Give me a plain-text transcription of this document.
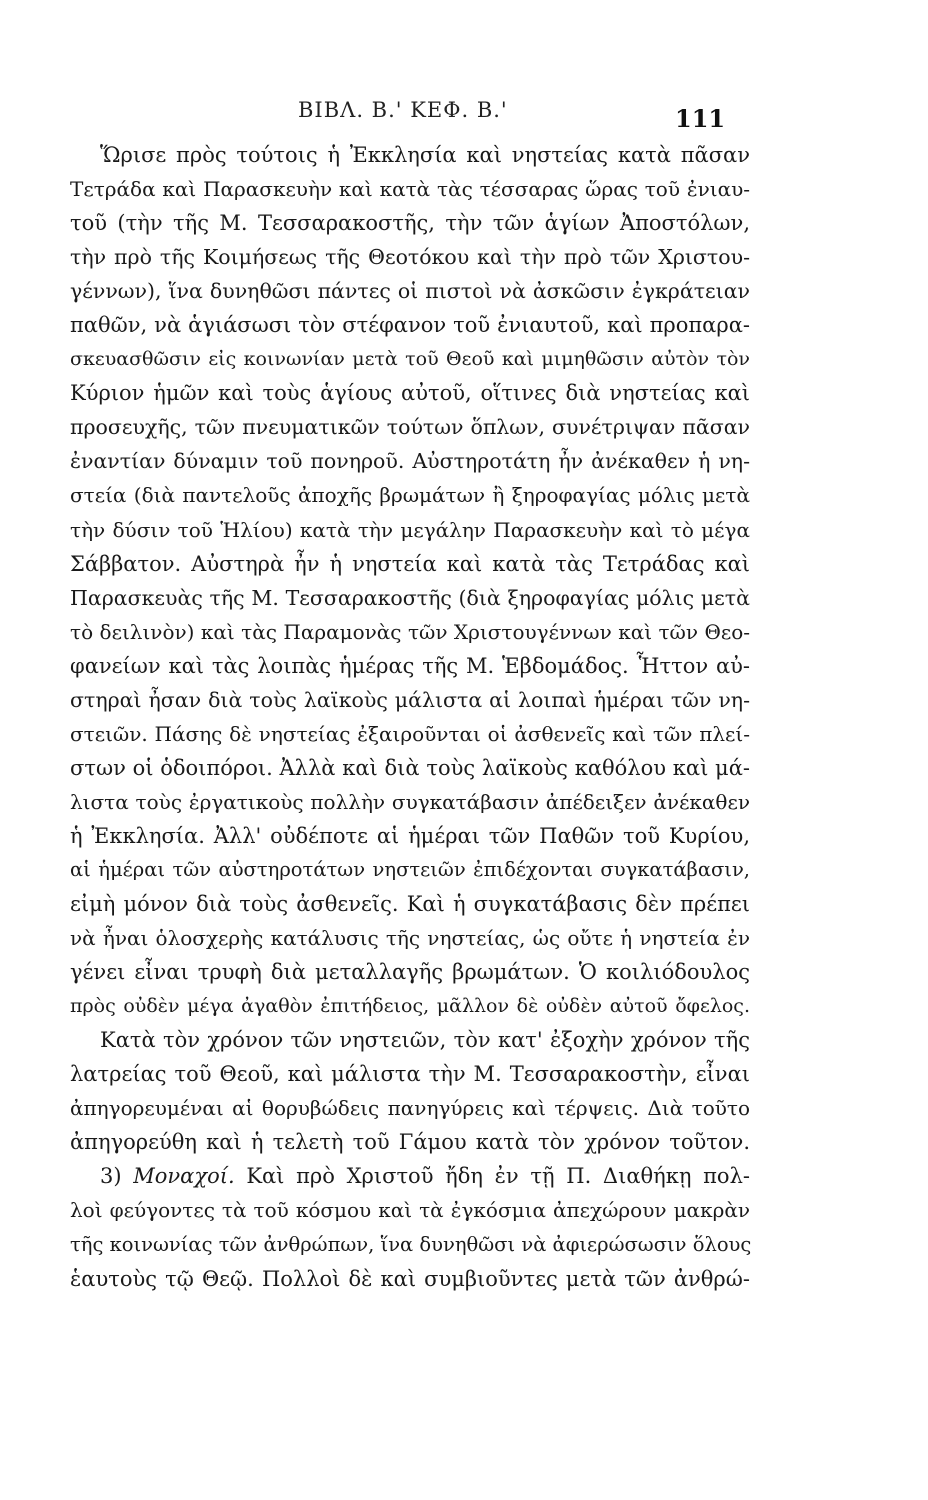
ΒΙΒΛ. Β.' ΚΕΦ. Β.'	111
Ὥρισε πρὸς τούτοις ἡ Ἐκκλησία καὶ νηστείας κατὰ πᾶσαν
Τετράδα καὶ Παρασκευὴν καὶ κατὰ τὰς τέσσαρας ὥρας τοῦ ἐνιαυ-
τοῦ (τὴν τῆς Μ. Τεσσαρακοστῆς, τὴν τῶν ἁγίων Ἀποστόλων,
τὴν πρὸ τῆς Κοιμήσεως τῆς Θεοτόκου καὶ τὴν πρὸ τῶν Χριστου-
γέννων), ἵνα δυνηθῶσι πάντες οἱ πιστοὶ νὰ ἀσκῶσιν ἐγκράτειαν
παθῶν, νὰ ἁγιάσωσι τὸν στέφανον τοῦ ἐνιαυτοῦ, καὶ προπαρα-
σκευασθῶσιν εἰς κοινωνίαν μετὰ τοῦ Θεοῦ καὶ μιμηθῶσιν αὐτὸν τὸν
Κύριον ἡμῶν καὶ τοὺς ἁγίους αὐτοῦ, οἵτινες διὰ νηστείας καὶ
προσευχῆς, τῶν πνευματικῶν τούτων ὅπλων, συνέτριψαν πᾶσαν
ἐναντίαν δύναμιν τοῦ πονηροῦ. Αὐστηροτάτη ἦν ἀνέκαθεν ἡ νη-
στεία (διὰ παντελοῦς ἀποχῆς βρωμάτων ἢ ξηροφαγίας μόλις μετὰ
τὴν δύσιν τοῦ Ἡλίου) κατὰ τὴν μεγάλην Παρασκευὴν καὶ τὸ μέγα
Σάββατον. Αὐστηρὰ ἦν ἡ νηστεία καὶ κατὰ τὰς Τετράδας καὶ
Παρασκευὰς τῆς Μ. Τεσσαρακοστῆς (διὰ ξηροφαγίας μόλις μετὰ
τὸ δειλινὸν) καὶ τὰς Παραμονὰς τῶν Χριστουγέννων καὶ τῶν Θεο-
φανείων καὶ τὰς λοιπὰς ἡμέρας τῆς Μ. Ἑβδομάδος. Ἧττον αὐ-
στηραὶ ἦσαν διὰ τοὺς λαϊκοὺς μάλιστα αἱ λοιπαὶ ἡμέραι τῶν νη-
στειῶν. Πάσης δὲ νηστείας ἐξαιροῦνται οἱ ἀσθενεῖς καὶ τῶν πλεί-
στων οἱ ὁδοιπόροι. Ἀλλὰ καὶ διὰ τοὺς λαϊκοὺς καθόλου καὶ μά-
λιστα τοὺς ἐργατικοὺς πολλὴν συγκατάβασιν ἀπέδειξεν ἀνέκαθεν
ἡ Ἐκκλησία. Ἀλλ' οὐδέποτε αἱ ἡμέραι τῶν Παθῶν τοῦ Κυρίου,
αἱ ἡμέραι τῶν αὐστηροτάτων νηστειῶν ἐπιδέχονται συγκατάβασιν,
εἰμὴ μόνον διὰ τοὺς ἀσθενεῖς. Καὶ ἡ συγκατάβασις δὲν πρέπει
νὰ ἦναι ὁλοσχερὴς κατάλυσις τῆς νηστείας, ὡς οὔτε ἡ νηστεία ἐν
γένει εἶναι τρυφὴ διὰ μεταλλαγῆς βρωμάτων. Ὁ κοιλιόδουλος
πρὸς οὐδὲν μέγα ἀγαθὸν ἐπιτήδειος, μᾶλλον δὲ οὐδὲν αὐτοῦ ὄφελος.
Κατὰ τὸν χρόνον τῶν νηστειῶν, τὸν κατ' ἐξοχὴν χρόνον τῆς
λατρείας τοῦ Θεοῦ, καὶ μάλιστα τὴν Μ. Τεσσαρακοστὴν, εἶναι
ἀπηγορευμέναι αἱ θορυβώδεις πανηγύρεις καὶ τέρψεις. Διὰ τοῦτο
ἀπηγορεύθη καὶ ἡ τελετὴ τοῦ Γάμου κατὰ τὸν χρόνον τοῦτον.
3) Μοναχοί. Καὶ πρὸ Χριστοῦ ἤδη ἐν τῇ Π. Διαθήκῃ πολ-
λοὶ φεύγοντες τὰ τοῦ κόσμου καὶ τὰ ἐγκόσμια ἀπεχώρουν μακρὰν
τῆς κοινωνίας τῶν ἀνθρώπων, ἵνα δυνηθῶσι νὰ ἀφιερώσωσιν ὅλους
ἑαυτοὺς τῷ Θεῷ. Πολλοὶ δὲ καὶ συμβιοῦντες μετὰ τῶν ἀνθρώ-
